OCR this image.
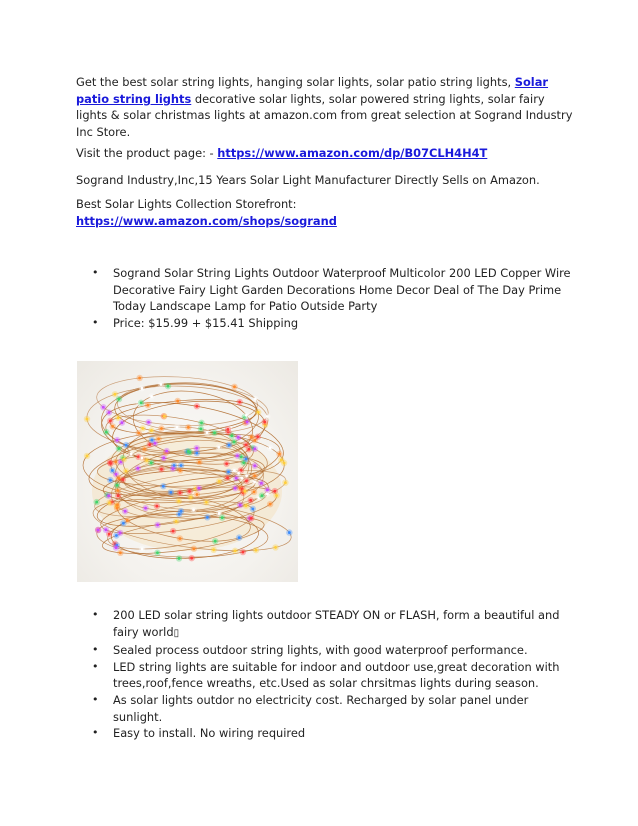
Get the best solar string lights, hanging solar lights, solar patio string lights, Solar patio string lights decorative solar lights, solar powered string lights, solar fairy lights & solar christmas lights at amazon.com from great selection at Sogrand Industry Inc Store.

Visit the product page: - https://www.amazon.com/dp/B07CLH4H4T

Sogrand Industry,Inc,15 Years Solar Light Manufacturer Directly Sells on Amazon.

Best Solar Lights Collection Storefront:
https://www.amazon.com/shops/sogrand

• Sogrand Solar String Lights Outdoor Waterproof Multicolor 200 LED Copper Wire Decorative Fairy Light Garden Decorations Home Decor Deal of The Day Prime Today Landscape Lamp for Patio Outside Party
• Price: $15.99 + $15.41 Shipping
• 200 LED solar string lights outdoor STEADY ON or FLASH, form a beautiful and fairy world▯
• Sealed process outdoor string lights, with good waterproof performance.
• LED string lights are suitable for indoor and outdoor use,great decoration with trees,roof,fence wreaths, etc.Used as solar chrsitmas lights during season.
• As solar lights outdor no electricity cost. Recharged by solar panel under sunlight.
• Easy to install. No wiring required
